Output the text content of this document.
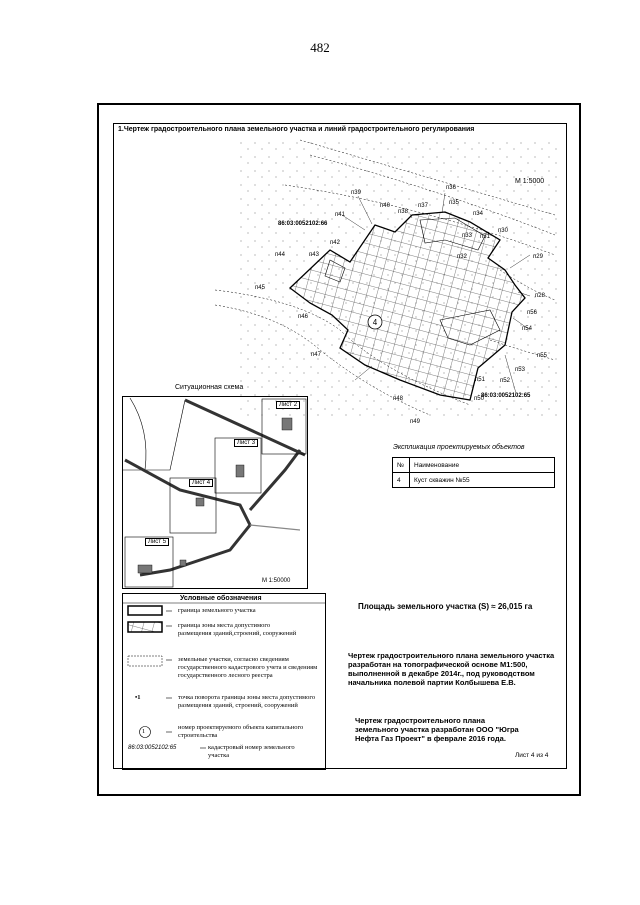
482
1.Чертеж градостроительного плана земельного участка и линий градостроительного регулирования
4
М 1:5000
86:03:0052102:66
86:03:0052102:65
п36
п39
п35
п40	п37
п38	п34
п41
п30
п33 п31
п42
п44	п43	п32	п29
п45
п28
п56
п46
п54
п55
п47
п53
п51	п52
п48	п50
п49
Ситуационная схема
Лист 2
Лист 3
Лист 4
Лист 5
М 1:50000
Экспликация проектируемых объектов
№	Наименование
4	Куст скважин №55
Условные обозначения
граница земельного участка
граница зоны места допустимого размещения зданий,строений, сооружений
земельные участки, согласно сведениям государственного кадастрового учета и сведениям государственного лесного реестра
•1	точка поворота границы зоны места допустимого размещения зданий, строений, сооружений
1
номер проектируемого объекта капитального строительства
86:03:0052102:65	кадастровый номер земельного участка
Площадь земельного участка (S) ≈ 26,015 га
Чертеж градостроительного плана земельного участка разработан на топографической основе М1:500, выполненной в декабре 2014г., под руководством начальника полевой партии Колбышева Е.В.
Чертеж градостроительного плана земельного участка разработан ООО "Югра Нефта Газ Проект" в феврале 2016 года.
Лист 4 из 4
